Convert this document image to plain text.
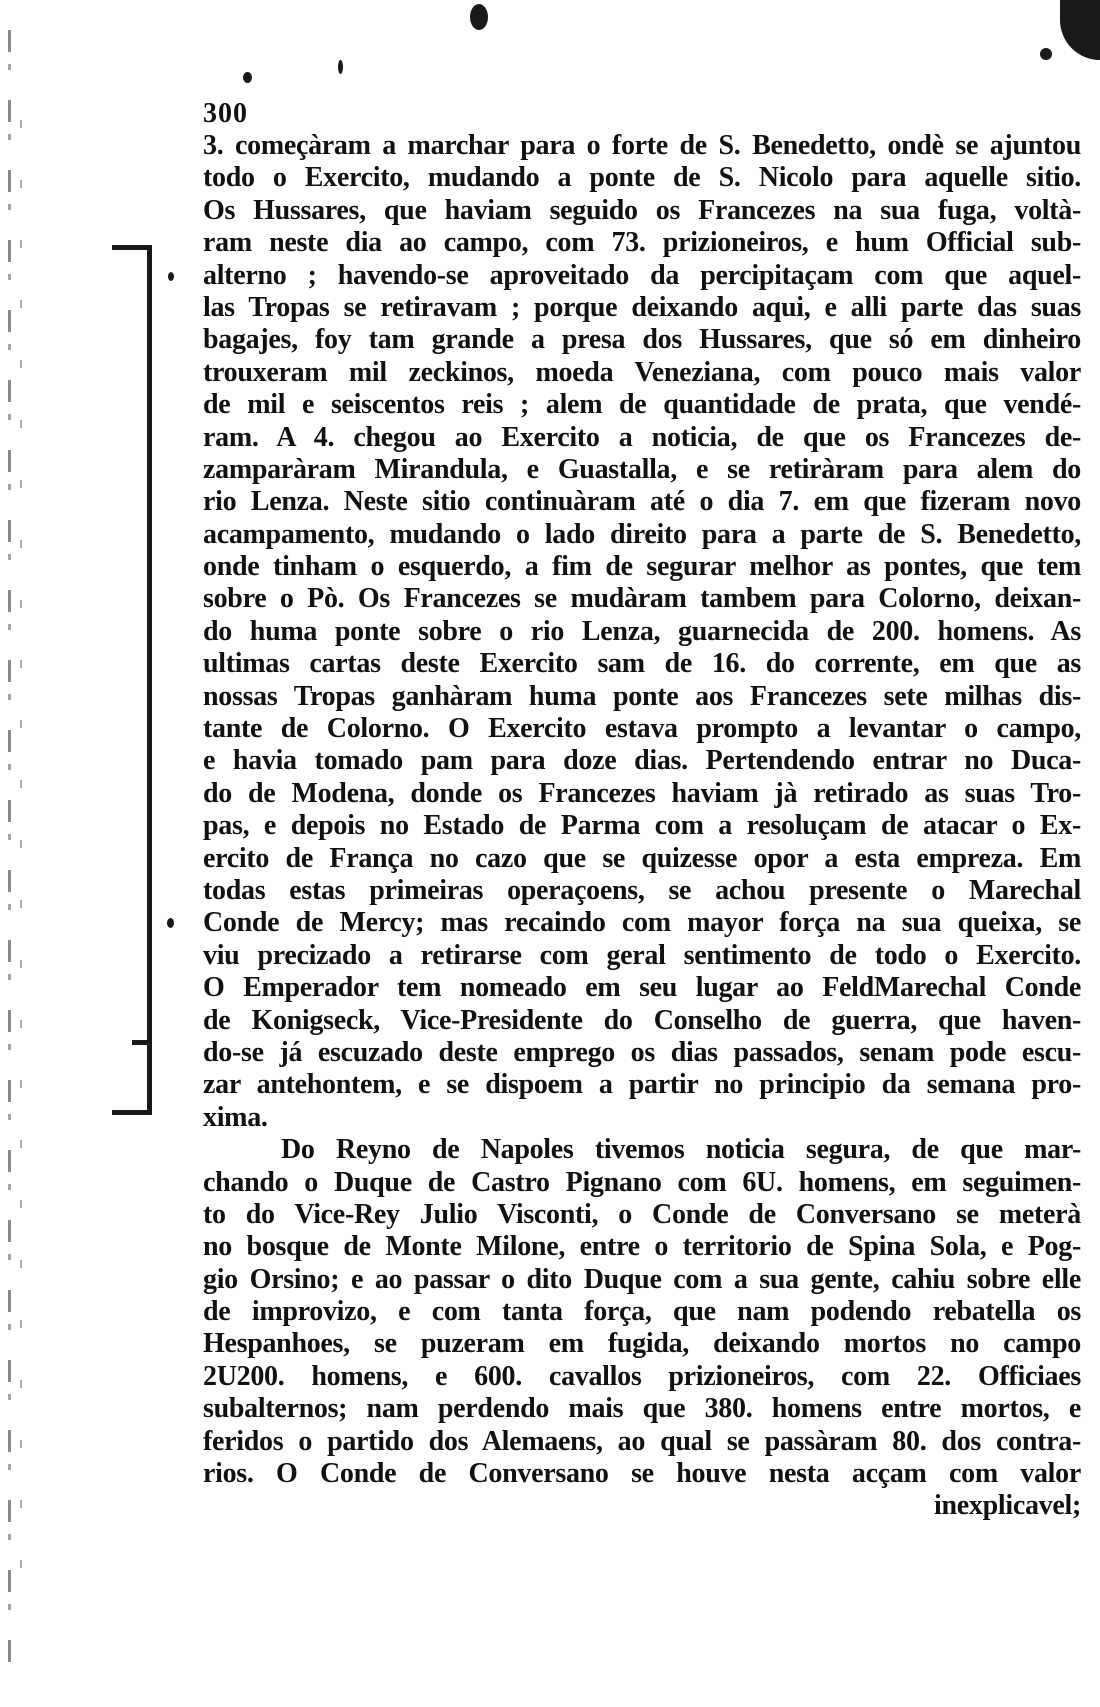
300
3. começàram a marchar para o forte de S. Benedetto, ondè se ajuntou
todo o Exercito, mudando a ponte de S. Nicolo para aquelle sitio.
Os Hussares, que haviam seguido os Francezes na sua fuga, voltà-
ram neste dia ao campo, com 73. prizioneiros, e hum Official sub-
alterno ; havendo-se aproveitado da percipitaçam com que aquel-
las Tropas se retiravam ; porque deixando aqui, e alli parte das suas
bagajes, foy tam grande a presa dos Hussares, que só em dinheiro
trouxeram mil zeckinos, moeda Veneziana, com pouco mais valor
de mil e seiscentos reis ; alem de quantidade de prata, que vendé-
ram. A 4. chegou ao Exercito a noticia, de que os Francezes de-
zamparàram Mirandula, e Guastalla, e se retiràram para alem do
rio Lenza. Neste sitio continuàram até o dia 7. em que fizeram novo
acampamento, mudando o lado direito para a parte de S. Benedetto,
onde tinham o esquerdo, a fim de segurar melhor as pontes, que tem
sobre o Pò. Os Francezes se mudàram tambem para Colorno, deixan-
do huma ponte sobre o rio Lenza, guarnecida de 200. homens. As
ultimas cartas deste Exercito sam de 16. do corrente, em que as
nossas Tropas ganhàram huma ponte aos Francezes sete milhas dis-
tante de Colorno. O Exercito estava prompto a levantar o campo,
e havia tomado pam para doze dias. Pertendendo entrar no Duca-
do de Modena, donde os Francezes haviam jà retirado as suas Tro-
pas, e depois no Estado de Parma com a resoluçam de atacar o Ex-
ercito de França no cazo que se quizesse opor a esta empreza. Em
todas estas primeiras operaçoens, se achou presente o Marechal
Conde de Mercy; mas recaindo com mayor força na sua queixa, se
viu precizado a retirarse com geral sentimento de todo o Exercito.
O Emperador tem nomeado em seu lugar ao FeldMarechal Conde
de Konigseck, Vice-Presidente do Conselho de guerra, que haven-
do-se já escuzado deste emprego os dias passados, senam pode escu-
zar antehontem, e se dispoem a partir no principio da semana pro-
xima.
Do Reyno de Napoles tivemos noticia segura, de que mar-
chando o Duque de Castro Pignano com 6U. homens, em seguimen-
to do Vice-Rey Julio Visconti, o Conde de Conversano se meterà
no bosque de Monte Milone, entre o territorio de Spina Sola, e Pog-
gio Orsino; e ao passar o dito Duque com a sua gente, cahiu sobre elle
de improvizo, e com tanta força, que nam podendo rebatella os
Hespanhoes, se puzeram em fugida, deixando mortos no campo
2U200. homens, e 600. cavallos prizioneiros, com 22. Officiaes
subalternos; nam perdendo mais que 380. homens entre mortos, e
feridos o partido dos Alemaens, ao qual se passàram 80. dos contra-
rios. O Conde de Conversano se houve nesta acçam com valor
inexplicavel;
